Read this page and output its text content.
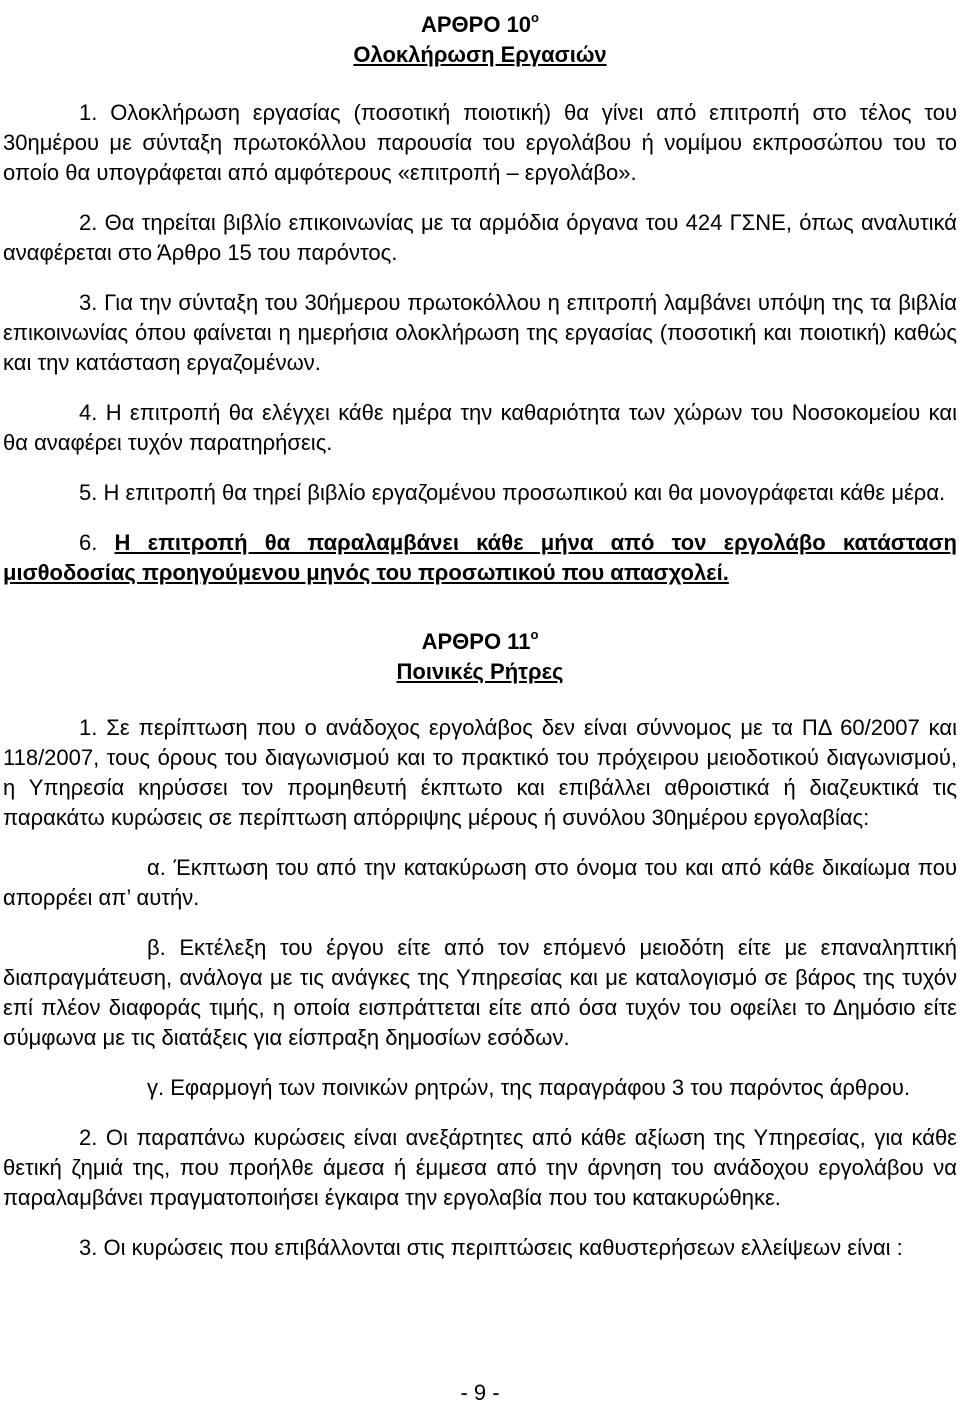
ΑΡΘΡΟ $10^o$
Ολοκλήρωση Εργασιών

1. Ολοκλήρωση εργασίας (ποσοτική ποιοτική) θα γίνει από επιτροπή στο τέλος του 30ημέρου με σύνταξη πρωτοκόλλου παρουσία του εργολάβου ή νομίμου εκπροσώπου του το οποίο θα υπογράφεται από αμφότερους «επιτροπή – εργολάβο».

2. Θα τηρείται βιβλίο επικοινωνίας με τα αρμόδια όργανα του 424 ΓΣΝΕ, όπως αναλυτικά αναφέρεται στο Άρθρο 15 του παρόντος.

3. Για την σύνταξη του 30ήμερου πρωτοκόλλου η επιτροπή λαμβάνει υπόψη της τα βιβλία επικοινωνίας όπου φαίνεται η ημερήσια ολοκλήρωση της εργασίας (ποσοτική και ποιοτική) καθώς και την κατάσταση εργαζομένων.

4. Η επιτροπή θα ελέγχει κάθε ημέρα την καθαριότητα των χώρων του Νοσοκομείου και θα αναφέρει τυχόν παρατηρήσεις.

5. Η επιτροπή θα τηρεί βιβλίο εργαζομένου προσωπικού και θα μονογράφεται κάθε μέρα.

6. Η επιτροπή θα παραλαμβάνει κάθε μήνα από τον εργολάβο κατάσταση μισθοδοσίας προηγούμενου μηνός του προσωπικού που απασχολεί.

ΑΡΘΡΟ $11^o$
Ποινικές Ρήτρες

1. Σε περίπτωση που ο ανάδοχος εργολάβος δεν είναι σύννομος με τα ΠΔ 60/2007 και 118/2007, τους όρους του διαγωνισμού και το πρακτικό του πρόχειρου μειοδοτικού διαγωνισμού, η Υπηρεσία κηρύσσει τον προμηθευτή έκπτωτο και επιβάλλει αθροιστικά ή διαζευκτικά τις παρακάτω κυρώσεις σε περίπτωση απόρριψης μέρους ή συνόλου 30ημέρου εργολαβίας:

α. Έκπτωση του από την κατακύρωση στο όνομα του και από κάθε δικαίωμα που απορρέει απ’ αυτήν.

β. Εκτέλεξη του έργου είτε από τον επόμενό μειοδότη είτε με επαναληπτική διαπραγμάτευση, ανάλογα με τις ανάγκες της Υπηρεσίας και με καταλογισμό σε βάρος της τυχόν επί πλέον διαφοράς τιμής, η οποία εισπράττεται είτε από όσα τυχόν του οφείλει το Δημόσιο είτε σύμφωνα με τις διατάξεις για είσπραξη δημοσίων εσόδων.

γ. Εφαρμογή των ποινικών ρητρών, της παραγράφου 3 του παρόντος άρθρου.

2. Οι παραπάνω κυρώσεις είναι ανεξάρτητες από κάθε αξίωση της Υπηρεσίας, για κάθε θετική ζημιά της, που προήλθε άμεσα ή έμμεσα από την άρνηση του ανάδοχου εργολάβου να παραλαμβάνει πραγματοποιήσει έγκαιρα την εργολαβία που του κατακυρώθηκε.

3. Οι κυρώσεις που επιβάλλονται στις περιπτώσεις καθυστερήσεων ελλείψεων είναι :

- 9 -
